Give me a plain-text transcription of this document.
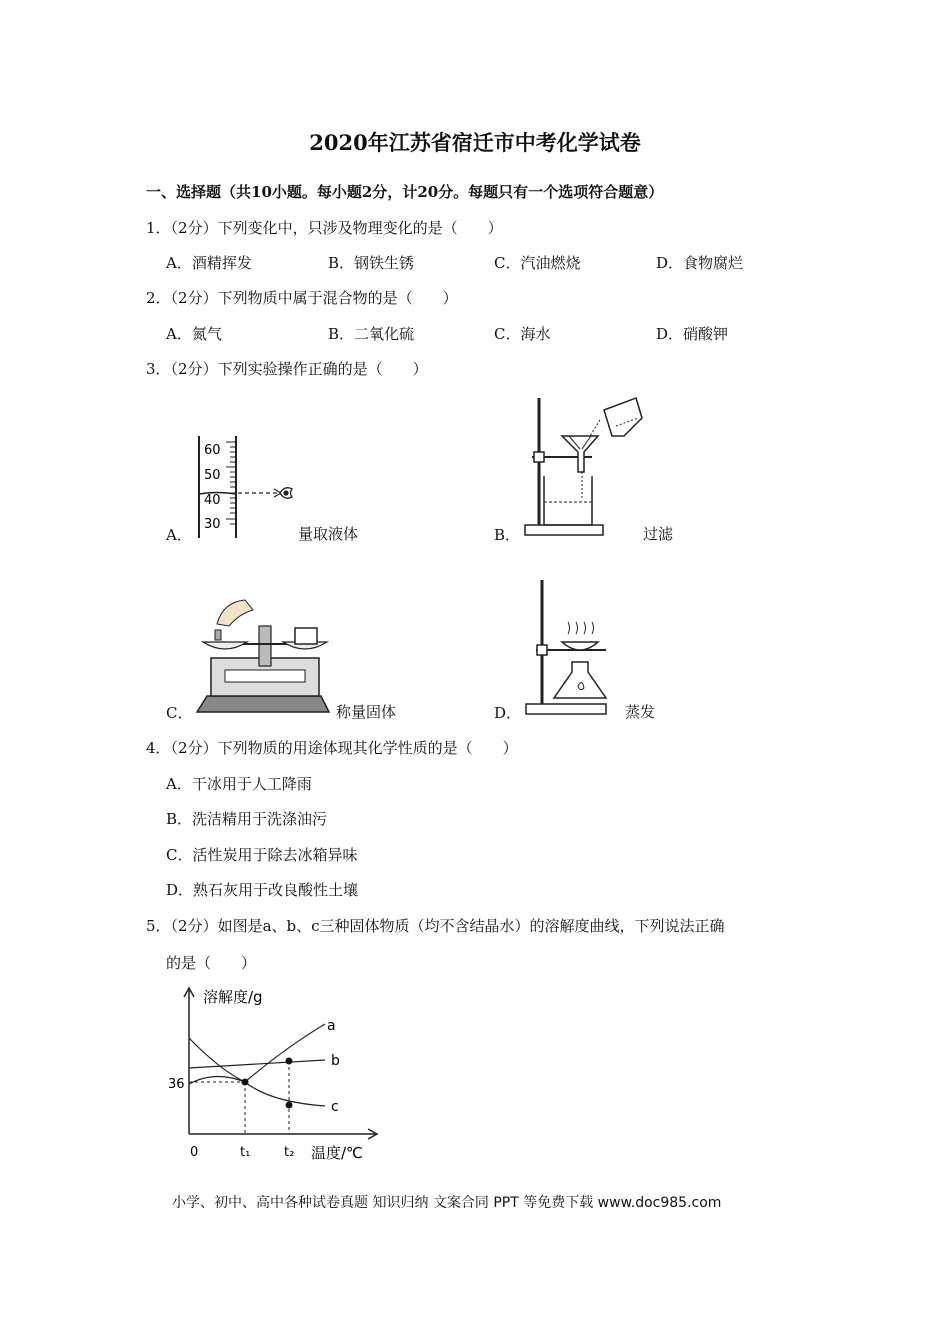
2020年江苏省宿迁市中考化学试卷
一、选择题（共10小题。每小题2分，计20分。每题只有一个选项符合题意）
1．（2分）下列变化中，只涉及物理变化的是（　　）
A．酒精挥发	B．钢铁生锈	C．汽油燃烧	D．食物腐烂
2．（2分）下列物质中属于混合物的是（　　）
A．氮气	B．二氧化硫	C．海水	D．硝酸钾
3．（2分）下列实验操作正确的是（　　）
60
50
40
30
A．	量取液体	B．	过滤
C．	称量固体	D．	蒸发
4．（2分）下列物质的用途体现其化学性质的是（　　）
A．干冰用于人工降雨
B．洗洁精用于洗涤油污
C．活性炭用于除去冰箱异味
D．熟石灰用于改良酸性土壤
5．（2分）如图是a、b、c三种固体物质（均不含结晶水）的溶解度曲线，下列说法正确
的是（　　）
溶解度/g
温度/℃
0
36
t₁	t₂
a
b
c
小学、初中、高中各种试卷真题 知识归纳 文案合同 PPT 等免费下载 www.doc985.com
